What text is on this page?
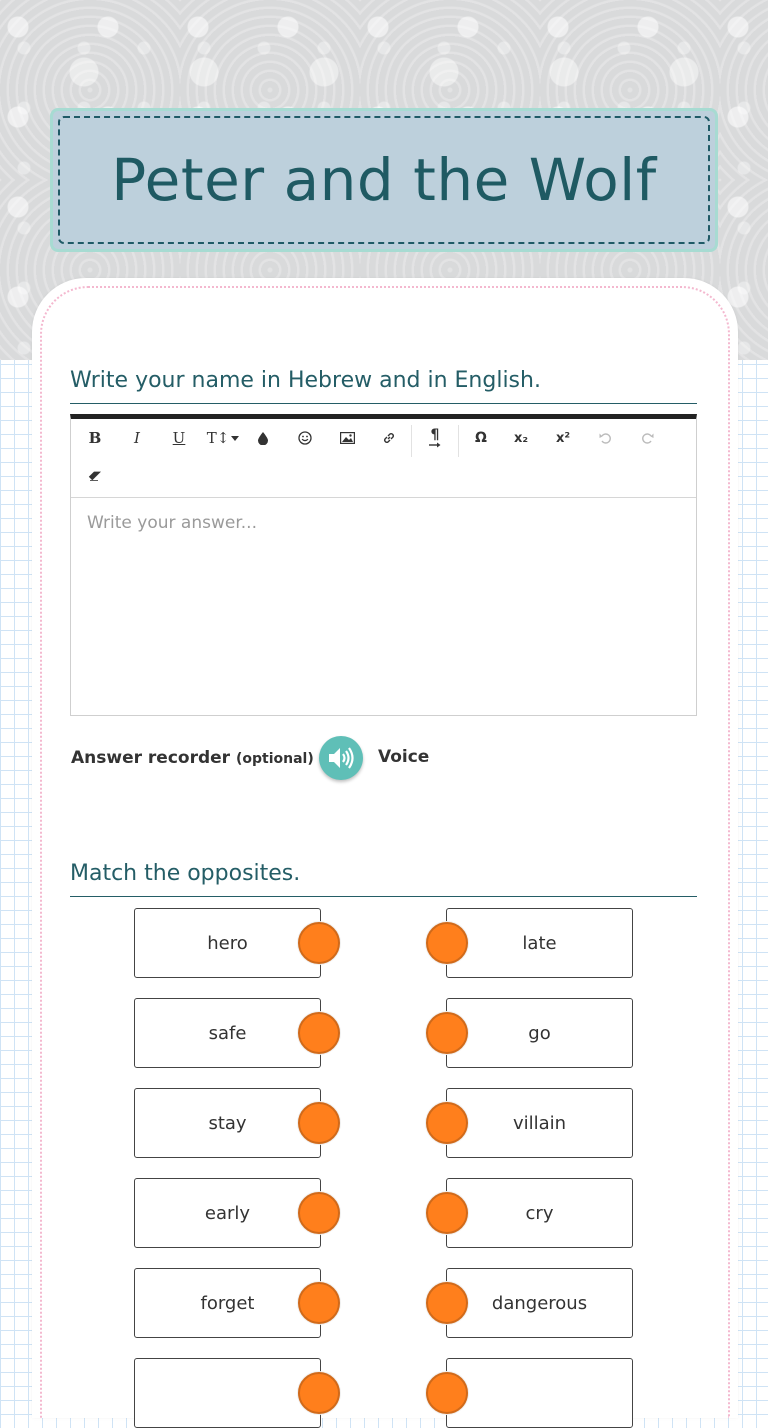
Peter and the Wolf
Write your name in Hebrew and in English.
B	I	U	T↕	¶	Ω	x₂	x²
Write your answer...
Answer recorder (optional)	Voice
Match the opposites.
hero
safe
stay
early
forget
late
go
villain
cry
dangerous
